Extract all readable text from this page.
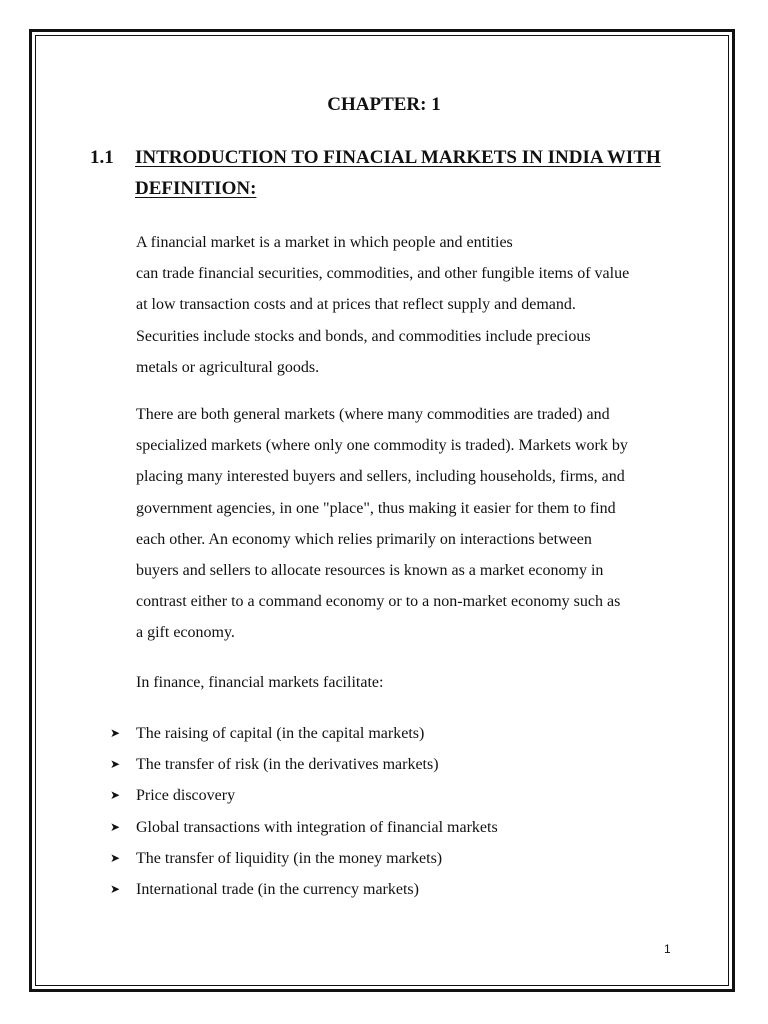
CHAPTER: 1
1.1 INTRODUCTION TO FINACIAL MARKETS IN INDIA WITH DEFINITION:

A financial market is a market in which people and entities
can trade financial securities, commodities, and other fungible items of value
at low transaction costs and at prices that reflect supply and demand.
Securities include stocks and bonds, and commodities include precious
metals or agricultural goods.

There are both general markets (where many commodities are traded) and
specialized markets (where only one commodity is traded). Markets work by
placing many interested buyers and sellers, including households, firms, and
government agencies, in one "place", thus making it easier for them to find
each other. An economy which relies primarily on interactions between
buyers and sellers to allocate resources is known as a market economy in
contrast either to a command economy or to a non-market economy such as
a gift economy.

In finance, financial markets facilitate:

➤ The raising of capital (in the capital markets)
➤ The transfer of risk (in the derivatives markets)
➤ Price discovery
➤ Global transactions with integration of financial markets
➤ The transfer of liquidity (in the money markets)
➤ International trade (in the currency markets)
1
